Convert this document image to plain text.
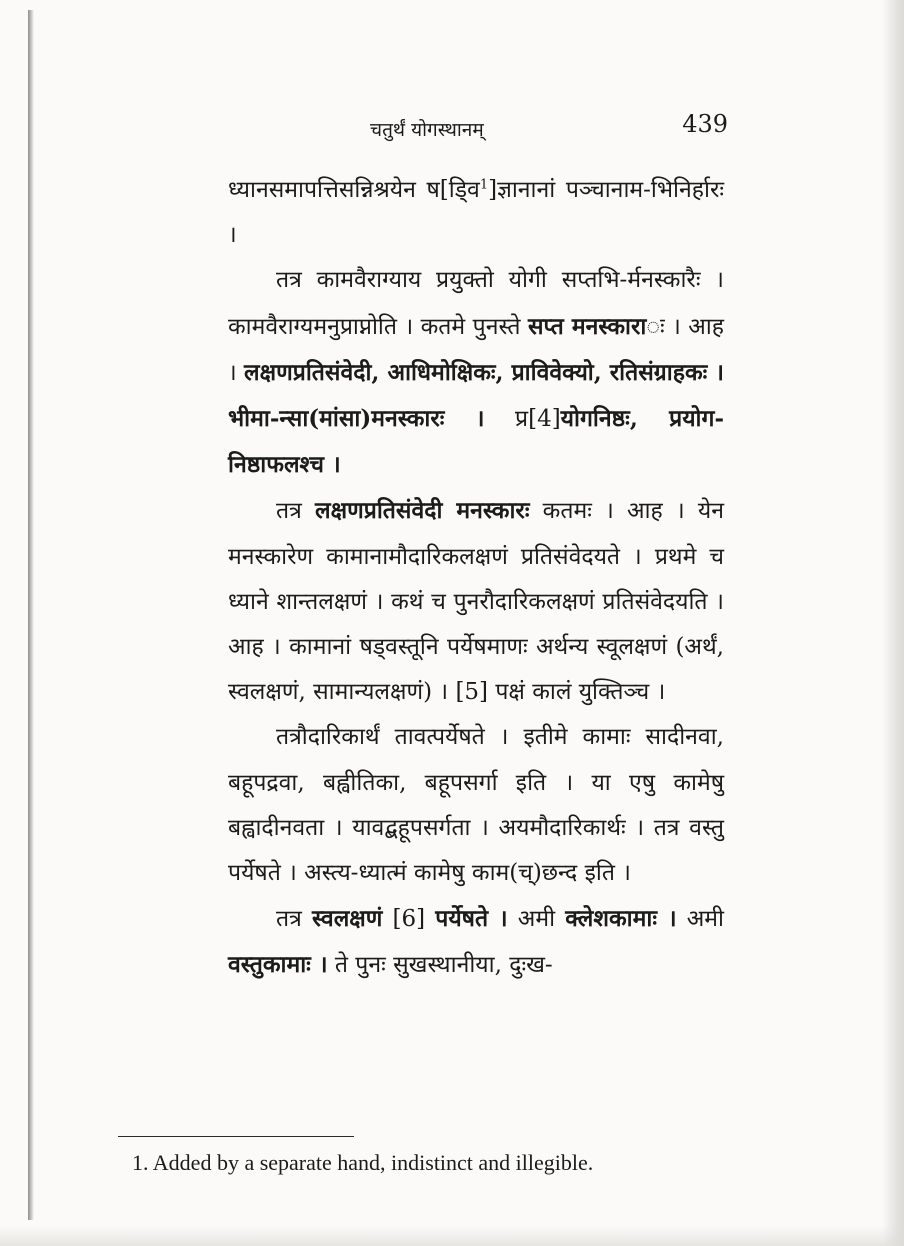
चतुर्थं योगस्थानम्	439

ध्यानसमापत्तिसन्निश्रयेन ष[डि्व$^1$]ज्ञानानां पञ्चानाम-भिनिर्हारः ।

तत्र कामवैराग्याय प्रयुक्तो योगी सप्तभि-र्मनस्कारैः । कामवैराग्यमनुप्राप्नोति । कतमे पुनस्ते सप्त मनस्काराः । आह । लक्षणप्रतिसंवेदी, आधिमोक्षिकः, प्राविवेक्यो, रतिसंग्राहकः । भीमा-न्सा(मांसा)मनस्कारः । प्र[4]योगनिष्ठः, प्रयोग-निष्ठाफलश्च ।

तत्र लक्षणप्रतिसंवेदी मनस्कारः कतमः । आह । येन मनस्कारेण कामानामौदारिकलक्षणं प्रतिसंवेदयते । प्रथमे च ध्याने शान्तलक्षणं । कथं च पुनरौदारिकलक्षणं प्रतिसंवेदयति । आह । कामानां षड्वस्तूनि पर्येषमाणः अर्थन्य स्वूलक्षणं (अर्थं, स्वलक्षणं, सामान्यलक्षणं) । [5] पक्षं कालं युक्तिञ्च ।

तत्रौदारिकार्थं तावत्पर्येषते । इतीमे कामाः सादीनवा, बहूपद्रवा, बह्वीतिका, बहूपसर्गा इति । या एषु कामेषु बह्वादीनवता । यावद्बहूपसर्गता । अयमौदारिकार्थः । तत्र वस्तु पर्येषते । अस्त्य-ध्यात्मं कामेषु काम(च्)छन्द इति ।

तत्र स्वलक्षणं [6] पर्येषते । अमी क्लेशकामाः । अमी वस्तुकामाः । ते पुनः सुखस्थानीया, दुःख-

1. Added by a separate hand, indistinct and illegible.
